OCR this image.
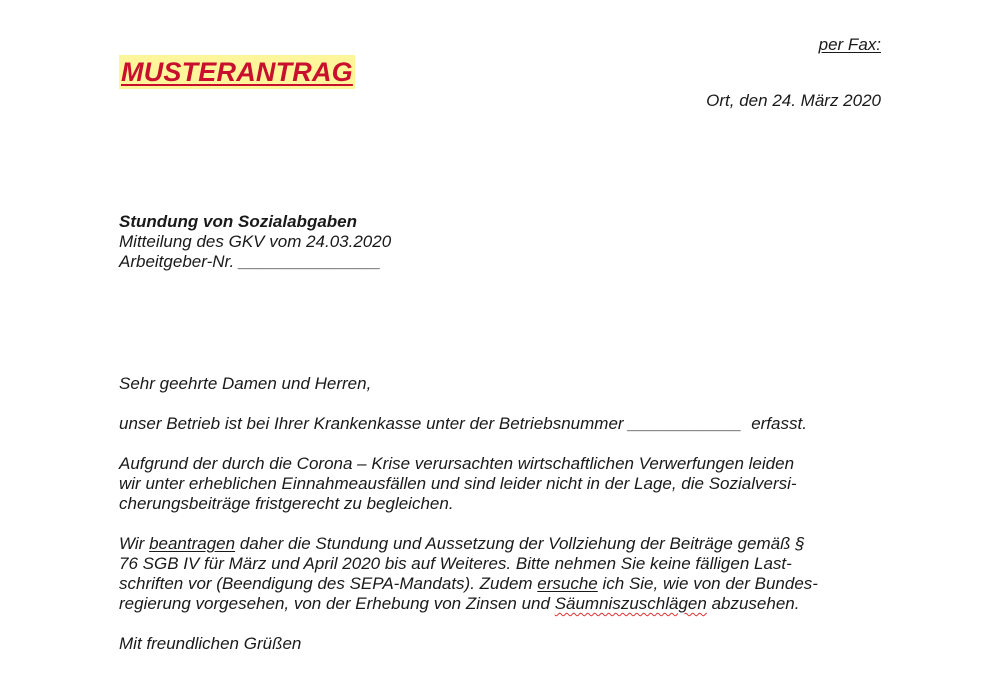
per Fax:
MUSTERANTRAG
Ort, den 24. März 2020
Stundung von Sozialabgaben
Mitteilung des GKV vom 24.03.2020
Arbeitgeber-Nr. _______________

Sehr geehrte Damen und Herren,

unser Betrieb ist bei Ihrer Krankenkasse unter der Betriebsnummer ____________  erfasst.

Aufgrund der durch die Corona – Krise verursachten wirtschaftlichen Verwerfungen leiden

wir unter erheblichen Einnahmeausfällen und sind leider nicht in der Lage, die Sozialversi-

cherungsbeiträge fristgerecht zu begleichen.

Wir beantragen daher die Stundung und Aussetzung der Vollziehung der Beiträge gemäß §

76 SGB IV für März und April 2020 bis auf Weiteres. Bitte nehmen Sie keine fälligen Last-

schriften vor (Beendigung des SEPA-Mandats). Zudem ersuche ich Sie, wie von der Bundes-

regierung vorgesehen, von der Erhebung von Zinsen und Säumniszuschlägen abzusehen.

Mit freundlichen Grüßen
